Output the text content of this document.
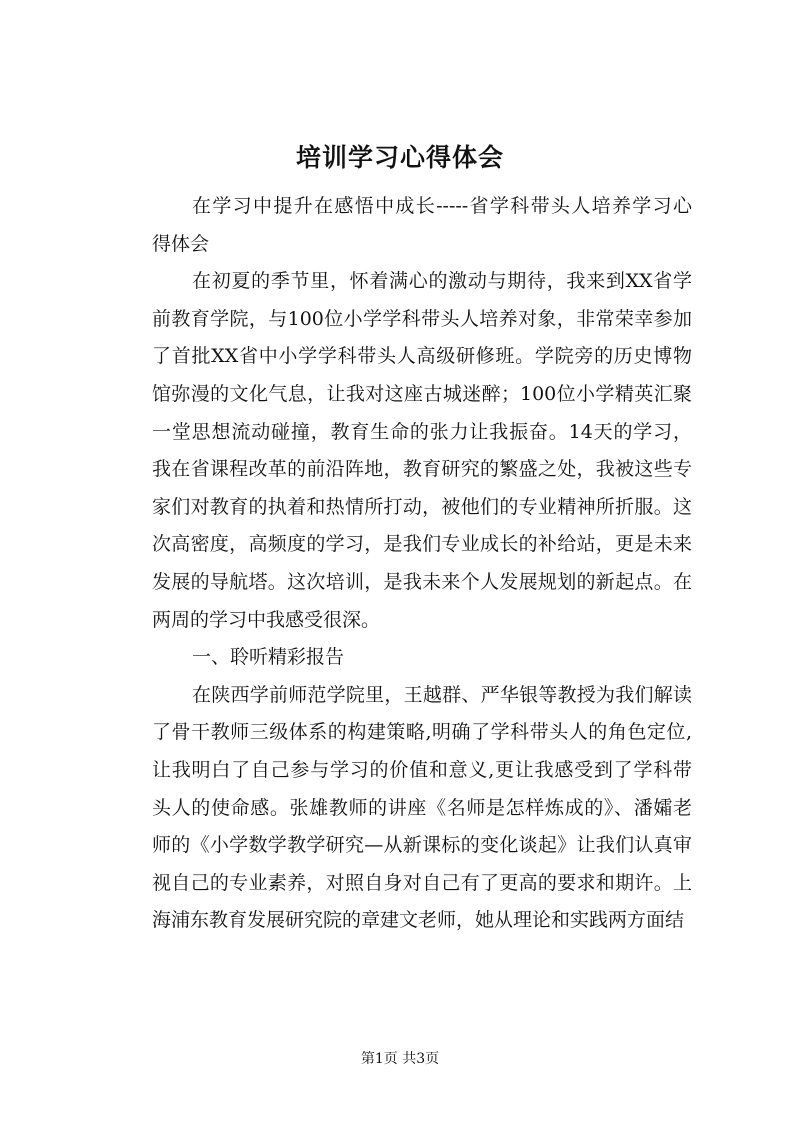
培训学习心得体会
在学习中提升在感悟中成长-----省学科带头人培养学习心
得体会
在初夏的季节里，怀着满心的激动与期待，我来到XX省学
前教育学院，与100位小学学科带头人培养对象，非常荣幸参加
了首批XX省中小学学科带头人高级研修班。学院旁的历史博物
馆弥漫的文化气息，让我对这座古城迷醉；100位小学精英汇聚
一堂思想流动碰撞，教育生命的张力让我振奋。14天的学习，
我在省课程改革的前沿阵地，教育研究的繁盛之处，我被这些专
家们对教育的执着和热情所打动，被他们的专业精神所折服。这
次高密度，高频度的学习，是我们专业成长的补给站，更是未来
发展的导航塔。这次培训，是我未来个人发展规划的新起点。在
两周的学习中我感受很深。
一、聆听精彩报告
在陕西学前师范学院里，王越群、严华银等教授为我们解读
了骨干教师三级体系的构建策略,明确了学科带头人的角色定位,
让我明白了自己参与学习的价值和意义,更让我感受到了学科带
头人的使命感。张雄教师的讲座《名师是怎样炼成的》、潘孀老
师的《小学数学教学研究—从新课标的变化谈起》让我们认真审
视自己的专业素养，对照自身对自己有了更高的要求和期许。上
海浦东教育发展研究院的章建文老师，她从理论和实践两方面结
第1页 共3页
